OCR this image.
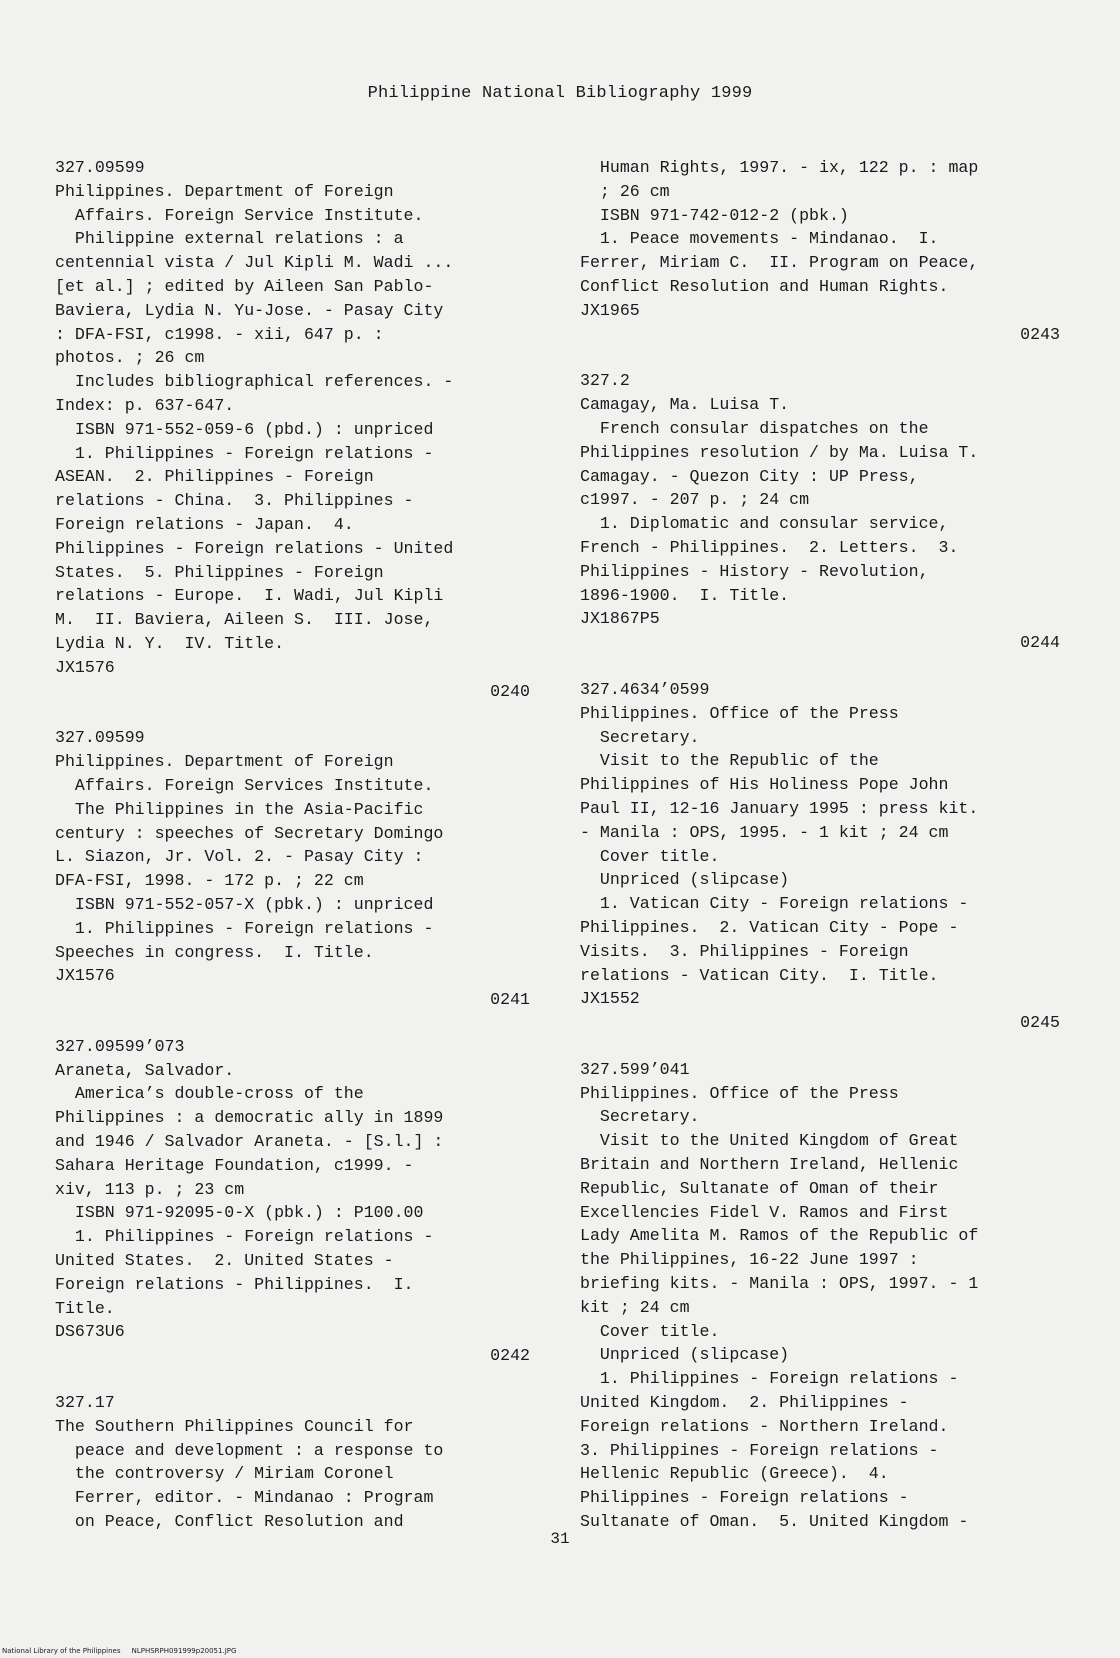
Philippine National Bibliography 1999
327.09599
Philippines. Department of Foreign
Affairs. Foreign Service Institute.
Philippine external relations : a
centennial vista / Jul Kipli M. Wadi ...
[et al.] ; edited by Aileen San Pablo-
Baviera, Lydia N. Yu-Jose. - Pasay City
: DFA-FSI, c1998. - xii, 647 p. :
photos. ; 26 cm
Includes bibliographical references. -
Index: p. 637-647.
ISBN 971-552-059-6 (pbd.) : unpriced
1. Philippines - Foreign relations -
ASEAN.  2. Philippines - Foreign
relations - China.  3. Philippines -
Foreign relations - Japan.  4.
Philippines - Foreign relations - United
States.  5. Philippines - Foreign
relations - Europe.  I. Wadi, Jul Kipli
M.  II. Baviera, Aileen S.  III. Jose,
Lydia N. Y.  IV. Title.
JX1576
0240
327.09599
Philippines. Department of Foreign
Affairs. Foreign Services Institute.
The Philippines in the Asia-Pacific
century : speeches of Secretary Domingo
L. Siazon, Jr. Vol. 2. - Pasay City :
DFA-FSI, 1998. - 172 p. ; 22 cm
ISBN 971-552-057-X (pbk.) : unpriced
1. Philippines - Foreign relations -
Speeches in congress.  I. Title.
JX1576
0241
327.09599’073
Araneta, Salvador.
America’s double-cross of the
Philippines : a democratic ally in 1899
and 1946 / Salvador Araneta. - [S.l.] :
Sahara Heritage Foundation, c1999. -
xiv, 113 p. ; 23 cm
ISBN 971-92095-0-X (pbk.) : P100.00
1. Philippines - Foreign relations -
United States.  2. United States -
Foreign relations - Philippines.  I.
Title.
DS673U6
0242
327.17
The Southern Philippines Council for
peace and development : a response to
the controversy / Miriam Coronel
Ferrer, editor. - Mindanao : Program
on Peace, Conflict Resolution and
Human Rights, 1997. - ix, 122 p. : map
; 26 cm
ISBN 971-742-012-2 (pbk.)
1. Peace movements - Mindanao.  I.
Ferrer, Miriam C.  II. Program on Peace,
Conflict Resolution and Human Rights.
JX1965
0243
327.2
Camagay, Ma. Luisa T.
French consular dispatches on the
Philippines resolution / by Ma. Luisa T.
Camagay. - Quezon City : UP Press,
c1997. - 207 p. ; 24 cm
1. Diplomatic and consular service,
French - Philippines.  2. Letters.  3.
Philippines - History - Revolution,
1896-1900.  I. Title.
JX1867P5
0244
327.4634’0599
Philippines. Office of the Press
Secretary.
Visit to the Republic of the
Philippines of His Holiness Pope John
Paul II, 12-16 January 1995 : press kit.
- Manila : OPS, 1995. - 1 kit ; 24 cm
Cover title.
Unpriced (slipcase)
1. Vatican City - Foreign relations -
Philippines.  2. Vatican City - Pope -
Visits.  3. Philippines - Foreign
relations - Vatican City.  I. Title.
JX1552
0245
327.599’041
Philippines. Office of the Press
Secretary.
Visit to the United Kingdom of Great
Britain and Northern Ireland, Hellenic
Republic, Sultanate of Oman of their
Excellencies Fidel V. Ramos and First
Lady Amelita M. Ramos of the Republic of
the Philippines, 16-22 June 1997 :
briefing kits. - Manila : OPS, 1997. - 1
kit ; 24 cm
Cover title.
Unpriced (slipcase)
1. Philippines - Foreign relations -
United Kingdom.  2. Philippines -
Foreign relations - Northern Ireland.
3. Philippines - Foreign relations -
Hellenic Republic (Greece).  4.
Philippines - Foreign relations -
Sultanate of Oman.  5. United Kingdom -
31
National Library of the Philippines     NLPHSRPH091999p20051.JPG
